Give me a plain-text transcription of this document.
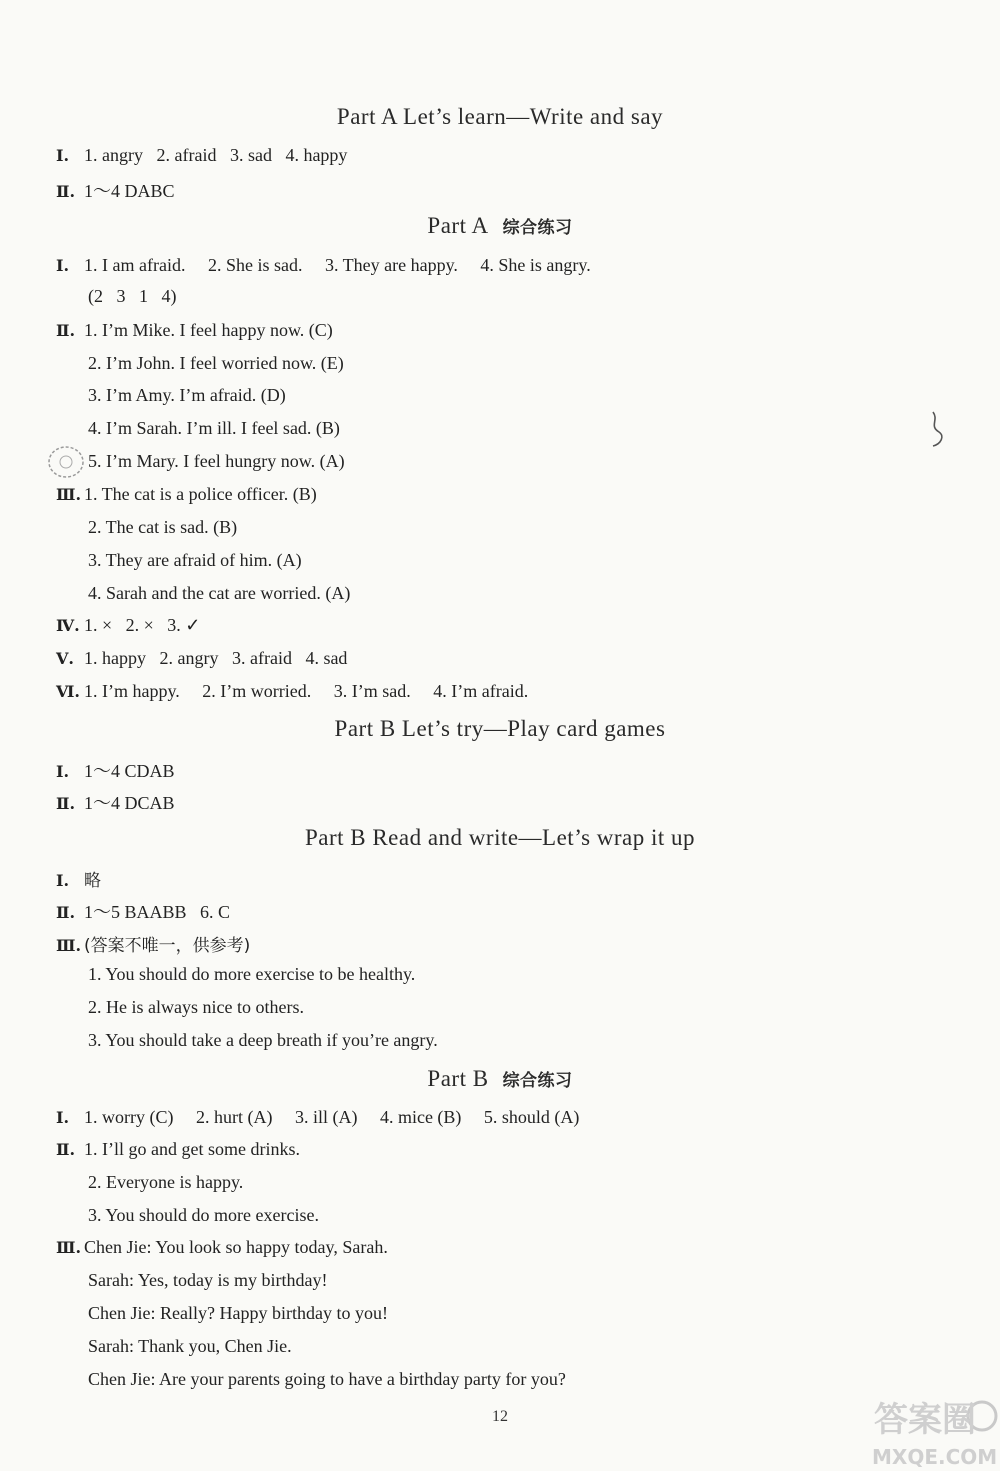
Part A Let’s learn—Write and say
Ⅰ. 1. angry   2. afraid   3. sad   4. happy
Ⅱ. 1～4 DABC
Part A 综合练习
Ⅰ. 1. I am afraid.     2. She is sad.     3. They are happy.     4. She is angry.
(2   3   1   4)
Ⅱ. 1. I’m Mike. I feel happy now. (C)
2. I’m John. I feel worried now. (E)
3. I’m Amy. I’m afraid. (D)
4. I’m Sarah. I’m ill. I feel sad. (B)
5. I’m Mary. I feel hungry now. (A)
Ⅲ. 1. The cat is a police officer. (B)
2. The cat is sad. (B)
3. They are afraid of him. (A)
4. Sarah and the cat are worried. (A)
Ⅳ. 1. ×   2. ×   3. ✓
Ⅴ. 1. happy   2. angry   3. afraid   4. sad
Ⅵ. 1. I’m happy.     2. I’m worried.     3. I’m sad.     4. I’m afraid.
Part B Let’s try—Play card games
Ⅰ. 1～4 CDAB
Ⅱ. 1～4 DCAB
Part B Read and write—Let’s wrap it up
Ⅰ. 略
Ⅱ. 1～5 BAABB   6. C
Ⅲ. (答案不唯一，供参考)
1. You should do more exercise to be healthy.
2. He is always nice to others.
3. You should take a deep breath if you’re angry.
Part B 综合练习
Ⅰ. 1. worry (C)     2. hurt (A)     3. ill (A)     4. mice (B)     5. should (A)
Ⅱ. 1. I’ll go and get some drinks.
2. Everyone is happy.
3. You should do more exercise.
Ⅲ. Chen Jie: You look so happy today, Sarah.
Sarah: Yes, today is my birthday!
Chen Jie: Really? Happy birthday to you!
Sarah: Thank you, Chen Jie.
Chen Jie: Are your parents going to have a birthday party for you?
12	答案圈
MXQE.COM
